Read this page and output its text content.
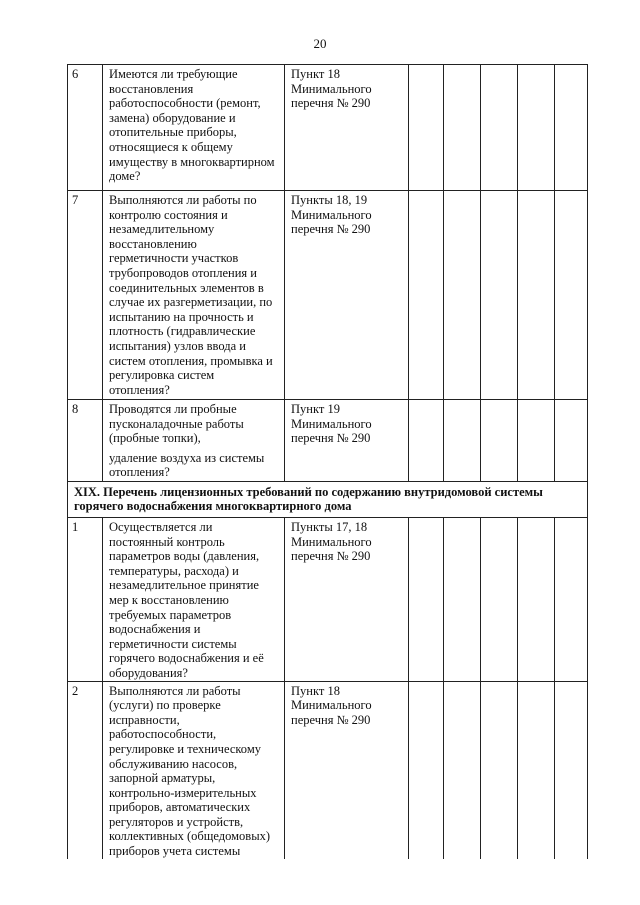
20
6	Имеются ли требующие восстановления работоспособности (ремонт, замена) оборудование и отопительные приборы, относящиеся к общему имуществу в многоквартирном доме?	Пункт 18 Минимального перечня № 290					
7	Выполняются ли работы по контролю состояния и незамедлительному восстановлению герметичности участков трубопроводов отопления и соединительных элементов в случае их разгерметизации, по испытанию на прочность и плотность (гидравлические испытания) узлов ввода и систем отопления, промывка и регулировка систем отопления?	Пункты 18, 19 Минимального перечня № 290					
8	Проводятся ли пробные пусконаладочные работы (пробные топки),
удаление воздуха из системы отопления?	Пункт 19 Минимального перечня № 290					
XIX. Перечень лицензионных требований по содержанию внутридомовой системы горячего водоснабжения многоквартирного дома							
1	Осуществляется ли постоянный контроль параметров воды (давления, температуры, расхода) и незамедлительное принятие мер к восстановлению требуемых параметров водоснабжения и герметичности системы горячего водоснабжения и её оборудования?	Пункты 17, 18 Минимального перечня № 290					
2	Выполняются ли работы (услуги) по проверке исправности, работоспособности, регулировке и техническому обслуживанию насосов, запорной арматуры, контрольно-измерительных приборов, автоматических регуляторов и устройств, коллективных (общедомовых) приборов учета системы	Пункт 18 Минимального перечня № 290					
